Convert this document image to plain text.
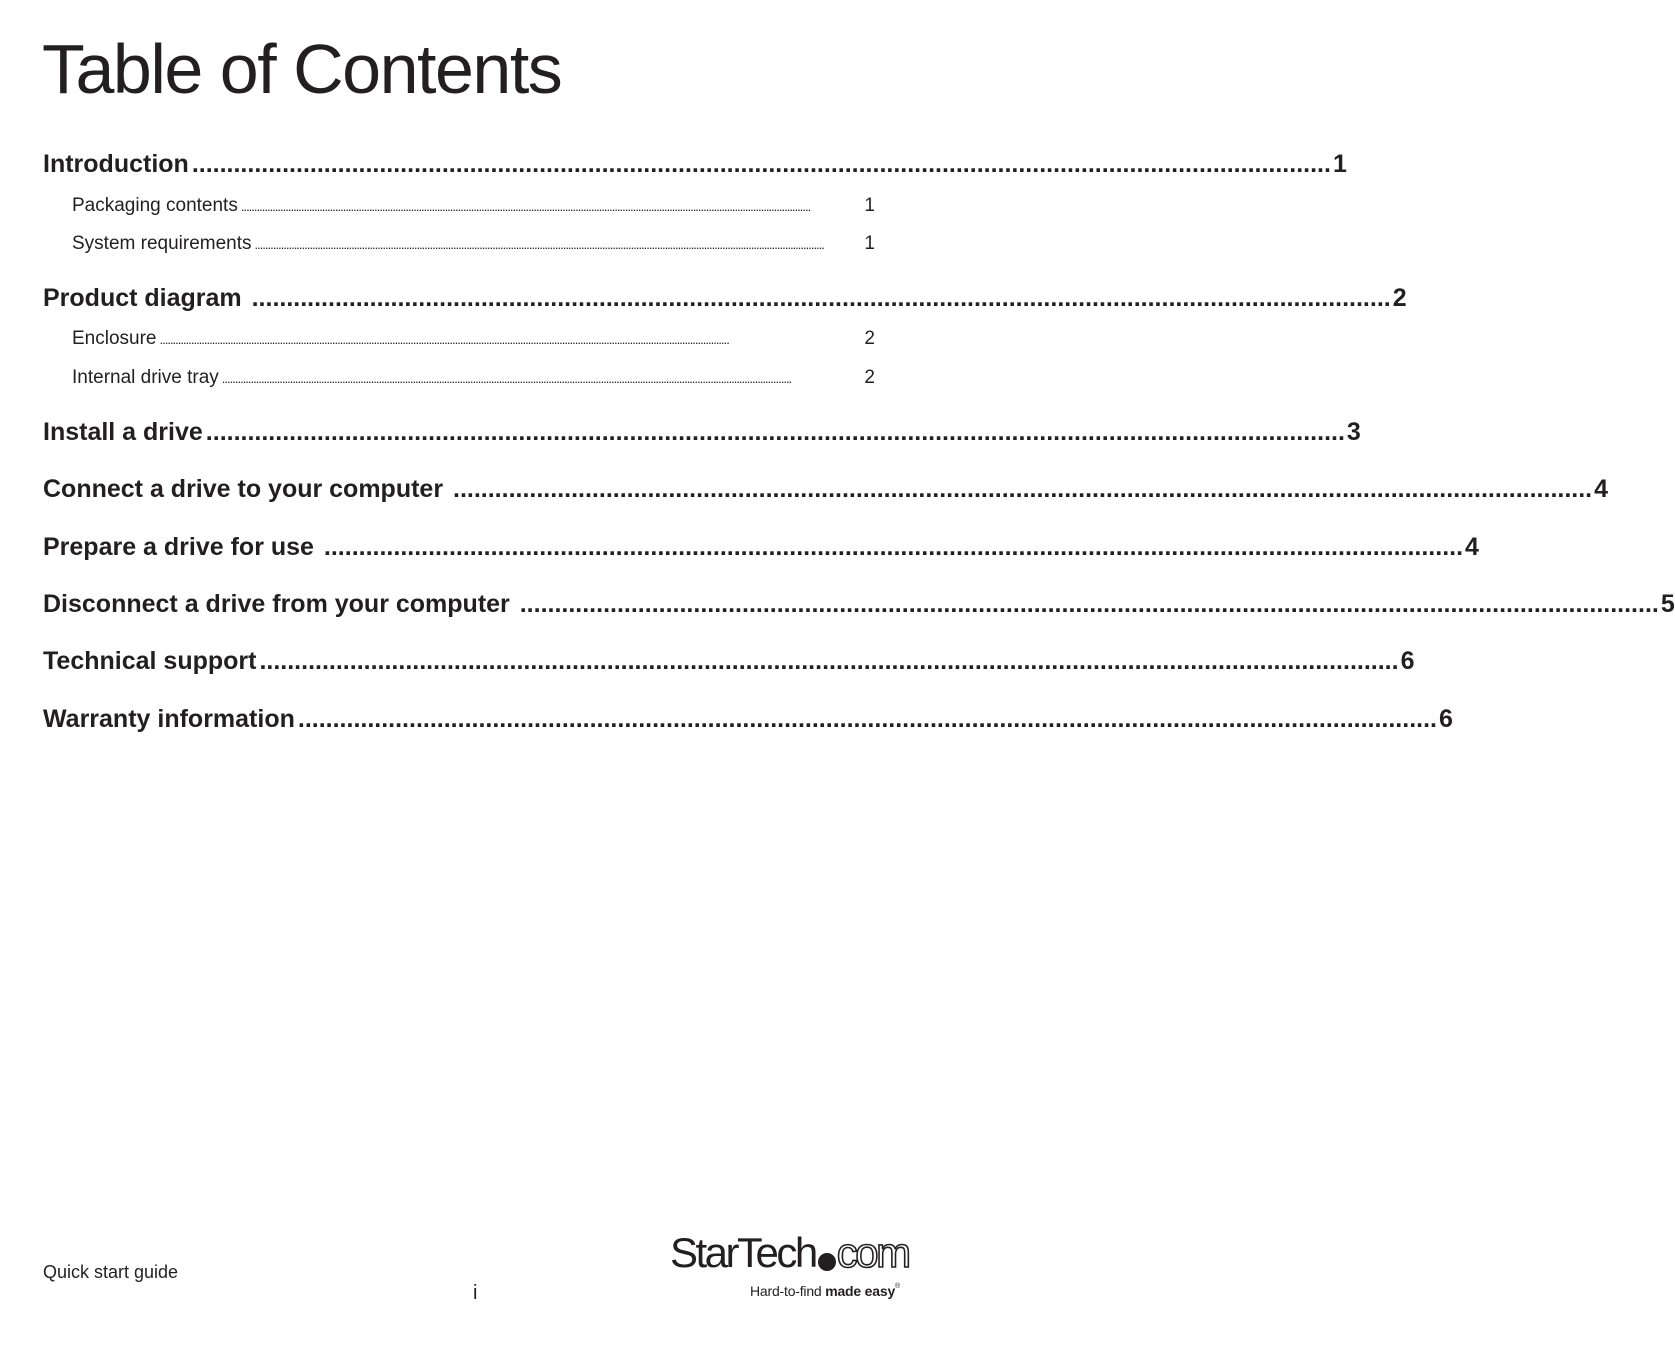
Table of Contents
Introduction .................................................................................................................................................................... 1
Packaging contents ..........................................................................................................................................................................................................................	1
System requirements ..........................................................................................................................................................................................................................	1
Product diagram .................................................................................................................................................................... 2
Enclosure ..........................................................................................................................................................................................................................	2
Internal drive tray ..........................................................................................................................................................................................................................	2
Install a drive .................................................................................................................................................................... 3
Connect a drive to your computer .................................................................................................................................................................... 4
Prepare a drive for use .................................................................................................................................................................... 4
Disconnect a drive from your computer .................................................................................................................................................................... 5
Technical support .................................................................................................................................................................... 6
Warranty information .................................................................................................................................................................... 6
Quick start guide
i
StarTech com
Hard-to-find made easy®
